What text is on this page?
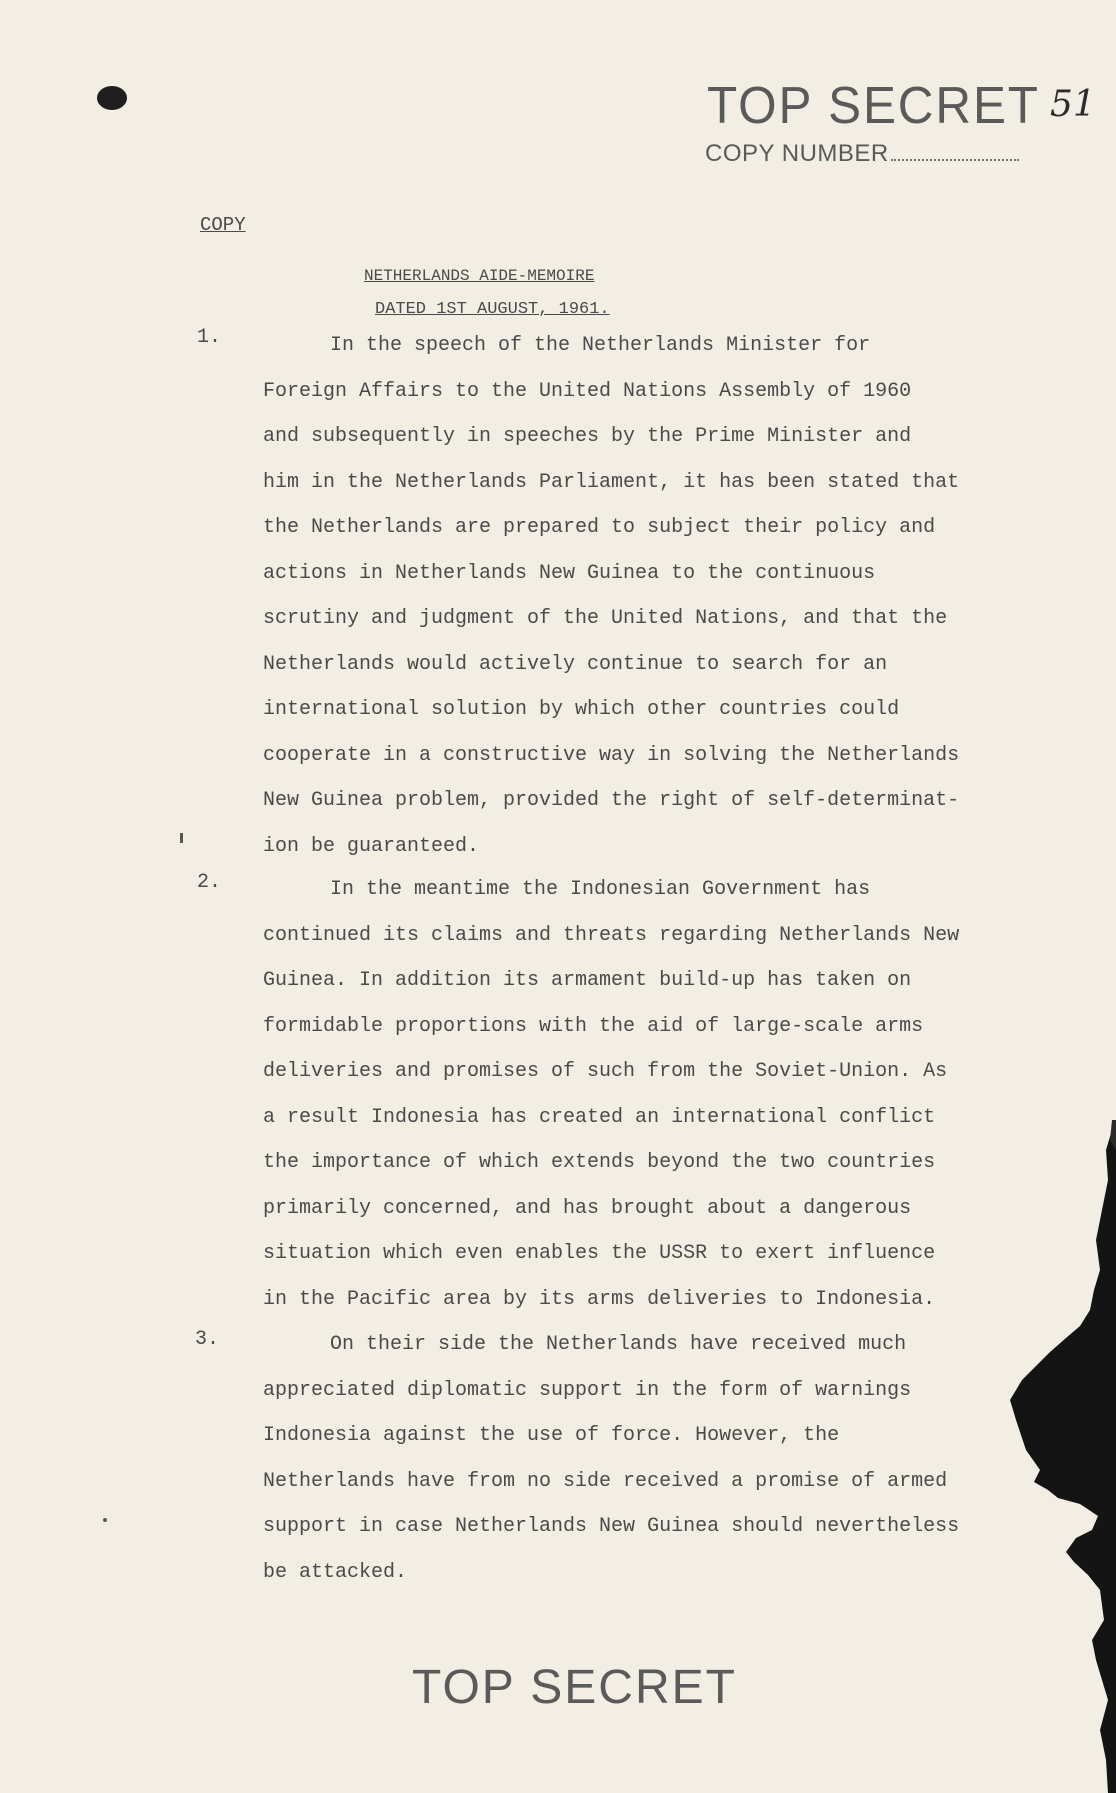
TOP SECRET
COPY NUMBER
51
COPY
NETHERLANDS AIDE-MEMOIRE
DATED 1ST AUGUST, 1961.
1.	In the speech of the Netherlands Minister for
Foreign Affairs to the United Nations Assembly of 1960
and subsequently in speeches by the Prime Minister and
him in the Netherlands Parliament, it has been stated that
the Netherlands are prepared to subject their policy and
actions in Netherlands New Guinea to the continuous
scrutiny and judgment of the United Nations, and that the
Netherlands would actively continue to search for an
international solution by which other countries could
cooperate in a constructive way in solving the Netherlands
New Guinea problem, provided the right of self-determinat-
ion be guaranteed.
2.	In the meantime the Indonesian Government has
continued its claims and threats regarding Netherlands New
Guinea. In addition its armament build-up has taken on
formidable proportions with the aid of large-scale arms
deliveries and promises of such from the Soviet-Union. As
a result Indonesia has created an international conflict
the importance of which extends beyond the two countries
primarily concerned, and has brought about a dangerous
situation which even enables the USSR to exert influence
in the Pacific area by its arms deliveries to Indonesia.
3.	On their side the Netherlands have received much
appreciated diplomatic support in the form of warnings
Indonesia against the use of force. However, the
Netherlands have from no side received a promise of armed
support in case Netherlands New Guinea should nevertheless
be attacked.
TOP SECRET
